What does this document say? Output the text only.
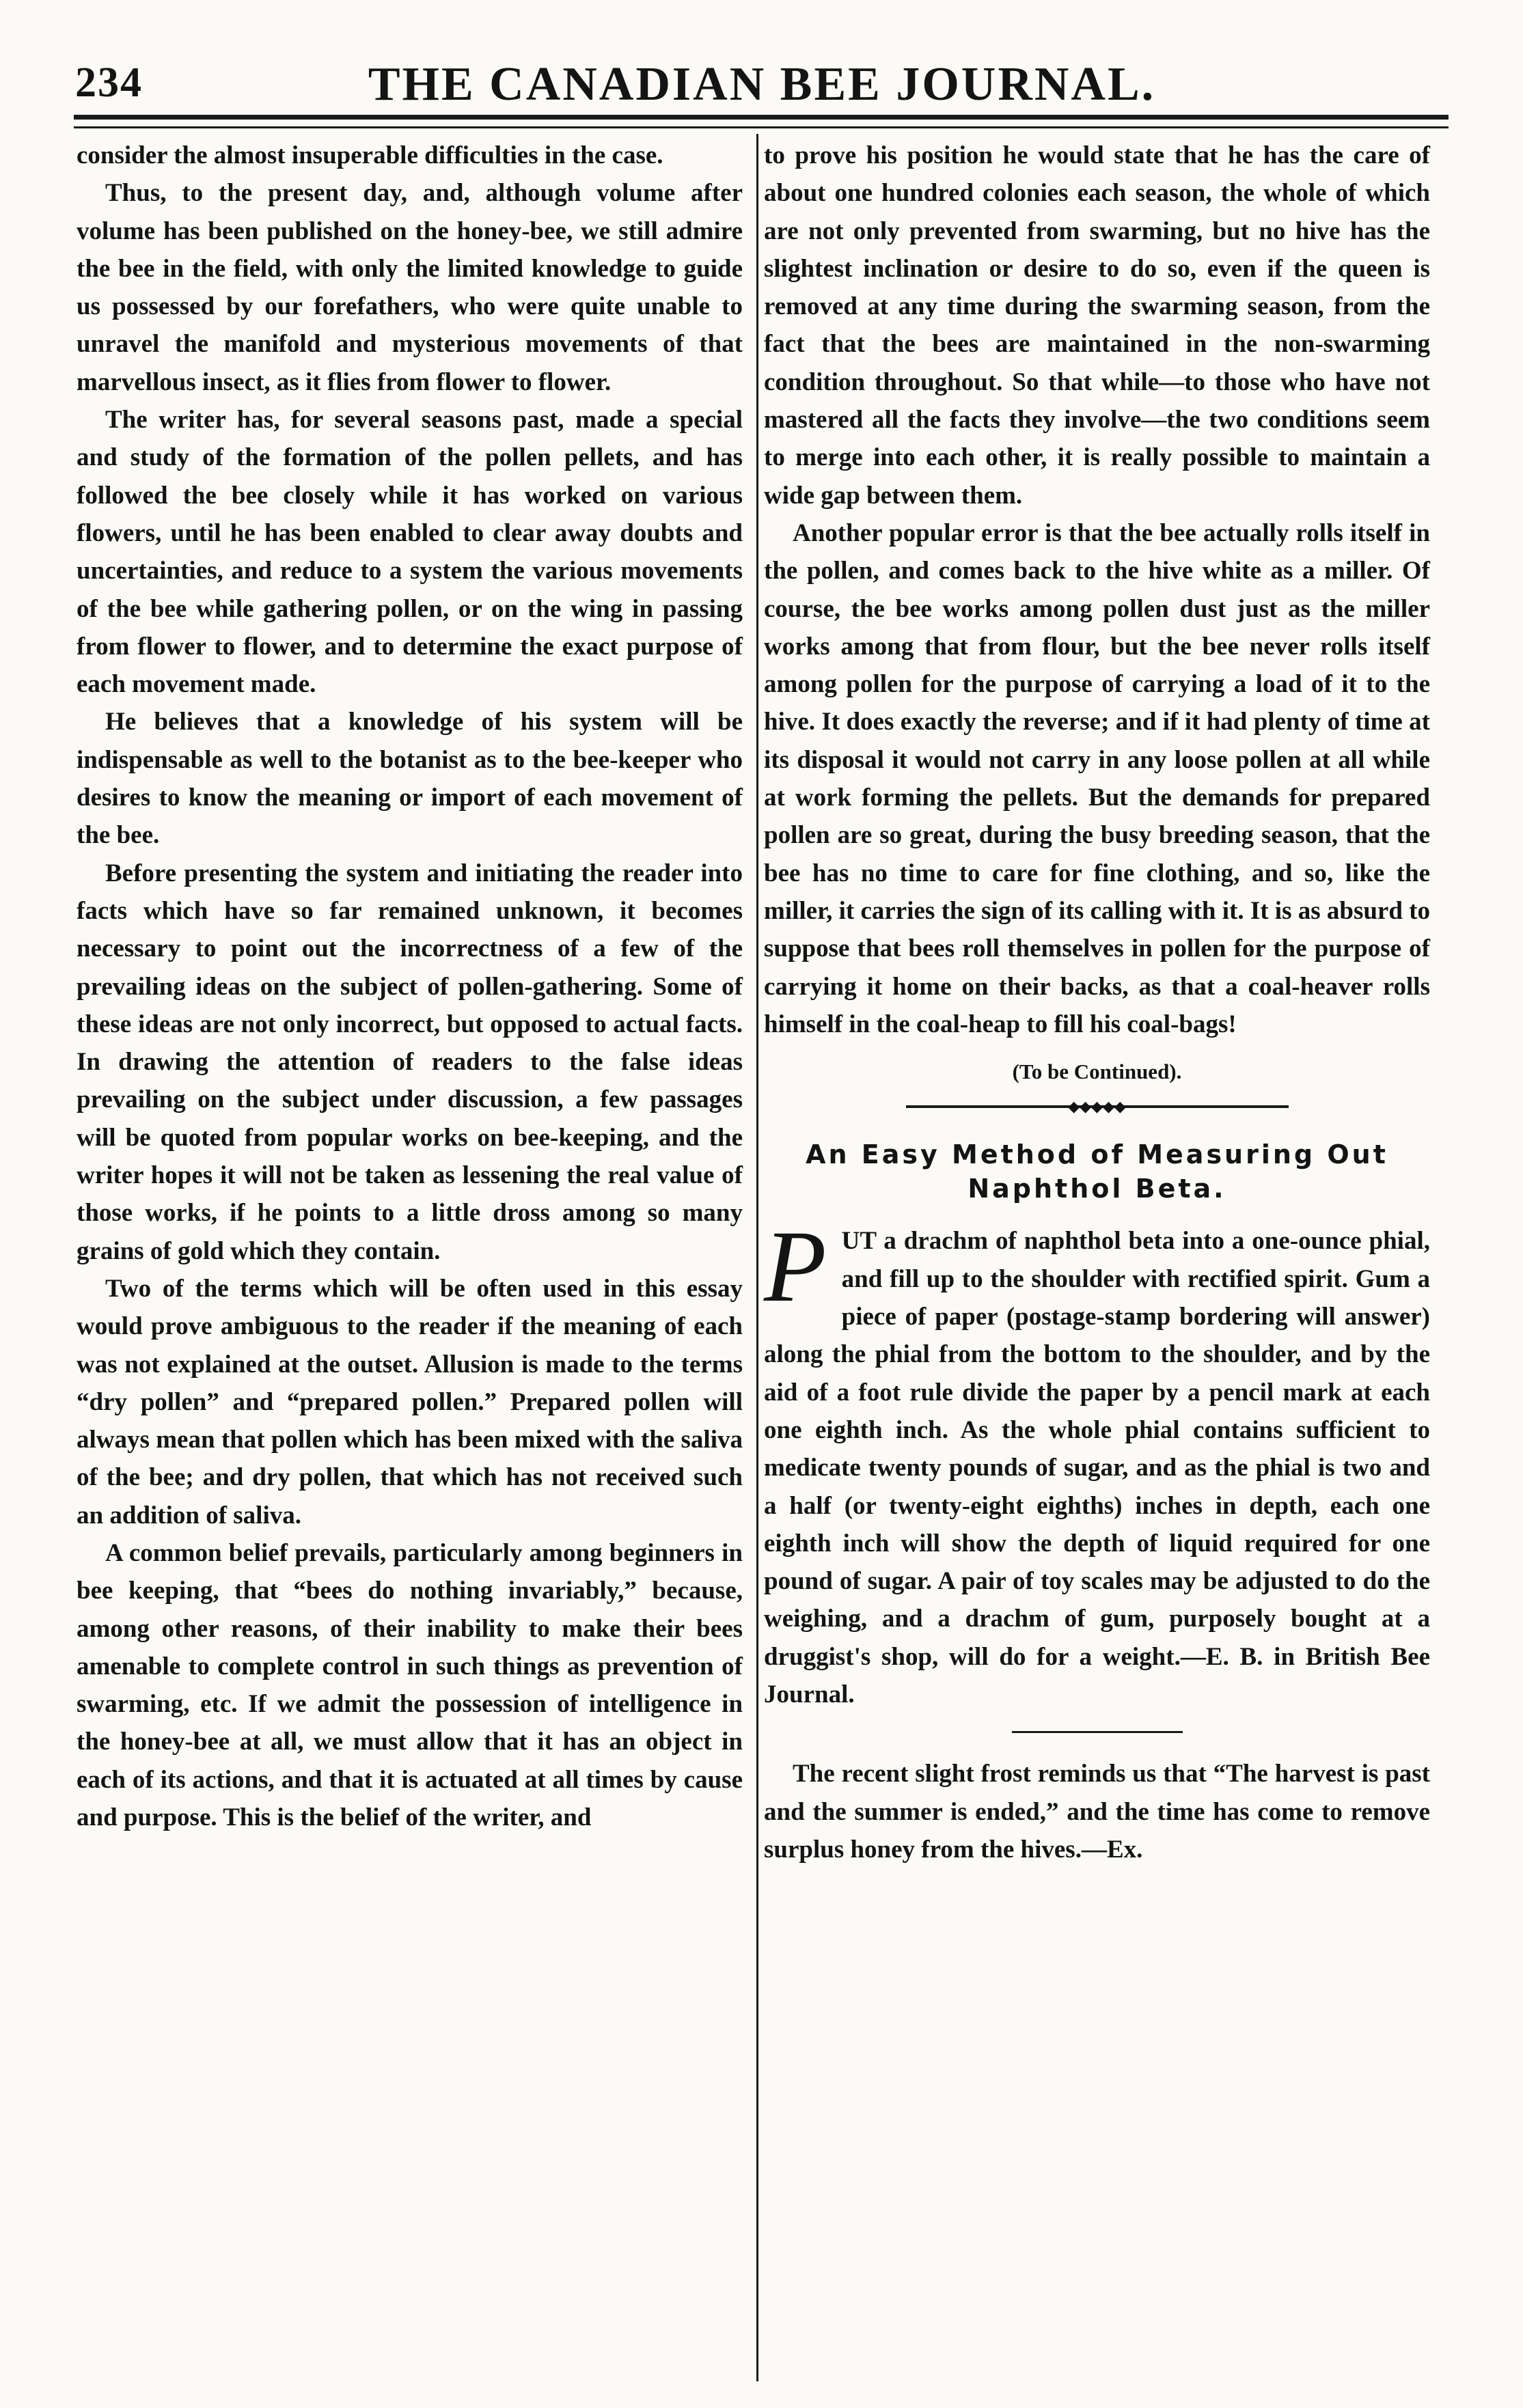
234	THE CANADIAN BEE JOURNAL.

consider the almost insuperable difficulties in the case.

Thus, to the present day, and, although volume after volume has been published on the honey-bee, we still admire the bee in the field, with only the limited knowledge to guide us possessed by our forefathers, who were quite unable to unravel the manifold and mysterious movements of that marvellous insect, as it flies from flower to flower.

The writer has, for several seasons past, made a special and study of the formation of the pollen pellets, and has followed the bee closely while it has worked on various flowers, until he has been enabled to clear away doubts and uncertainties, and reduce to a system the various movements of the bee while gathering pollen, or on the wing in passing from flower to flower, and to determine the exact purpose of each movement made.

He believes that a knowledge of his system will be indispensable as well to the botanist as to the bee-keeper who desires to know the meaning or import of each movement of the bee.

Before presenting the system and initiating the reader into facts which have so far remained unknown, it becomes necessary to point out the incorrectness of a few of the prevailing ideas on the subject of pollen-gathering. Some of these ideas are not only incorrect, but opposed to actual facts. In drawing the attention of readers to the false ideas prevailing on the subject under discussion, a few passages will be quoted from popular works on bee-keeping, and the writer hopes it will not be taken as lessening the real value of those works, if he points to a little dross among so many grains of gold which they contain.

Two of the terms which will be often used in this essay would prove ambiguous to the reader if the meaning of each was not explained at the outset. Allusion is made to the terms “dry pollen” and “prepared pollen.” Prepared pollen will always mean that pollen which has been mixed with the saliva of the bee; and dry pollen, that which has not received such an addition of saliva.

A common belief prevails, particularly among beginners in bee keeping, that “bees do nothing invariably,” because, among other reasons, of their inability to make their bees amenable to complete control in such things as prevention of swarming, etc. If we admit the possession of intelligence in the honey-bee at all, we must allow that it has an object in each of its actions, and that it is actuated at all times by cause and purpose. This is the belief of the writer, and

to prove his position he would state that he has the care of about one hundred colonies each season, the whole of which are not only prevented from swarming, but no hive has the slightest inclination or desire to do so, even if the queen is removed at any time during the swarming season, from the fact that the bees are maintained in the non-swarming condition throughout. So that while—to those who have not mastered all the facts they involve—the two conditions seem to merge into each other, it is really possible to maintain a wide gap between them.

Another popular error is that the bee actually rolls itself in the pollen, and comes back to the hive white as a miller. Of course, the bee works among pollen dust just as the miller works among that from flour, but the bee never rolls itself among pollen for the purpose of carrying a load of it to the hive. It does exactly the reverse; and if it had plenty of time at its disposal it would not carry in any loose pollen at all while at work forming the pellets. But the demands for prepared pollen are so great, during the busy breeding season, that the bee has no time to care for fine clothing, and so, like the miller, it carries the sign of its calling with it. It is as absurd to suppose that bees roll themselves in pollen for the purpose of carrying it home on their backs, as that a coal-heaver rolls himself in the coal-heap to fill his coal-bags!

(To be Continued).
◆◆◆◆◆
An Easy Method of Measuring Out Naphthol Beta.
P UT a drachm of naphthol beta into a one-ounce phial, and fill up to the shoulder with rectified spirit. Gum a piece of paper (postage-stamp bordering will answer) along the phial from the bottom to the shoulder, and by the aid of a foot rule divide the paper by a pencil mark at each one eighth inch. As the whole phial contains sufficient to medicate twenty pounds of sugar, and as the phial is two and a half (or twenty-eight eighths) inches in depth, each one eighth inch will show the depth of liquid required for one pound of sugar. A pair of toy scales may be adjusted to do the weighing, and a drachm of gum, purposely bought at a druggist's shop, will do for a weight.—E. B. in British Bee Journal.

The recent slight frost reminds us that “The harvest is past and the summer is ended,” and the time has come to remove surplus honey from the hives.—Ex.
